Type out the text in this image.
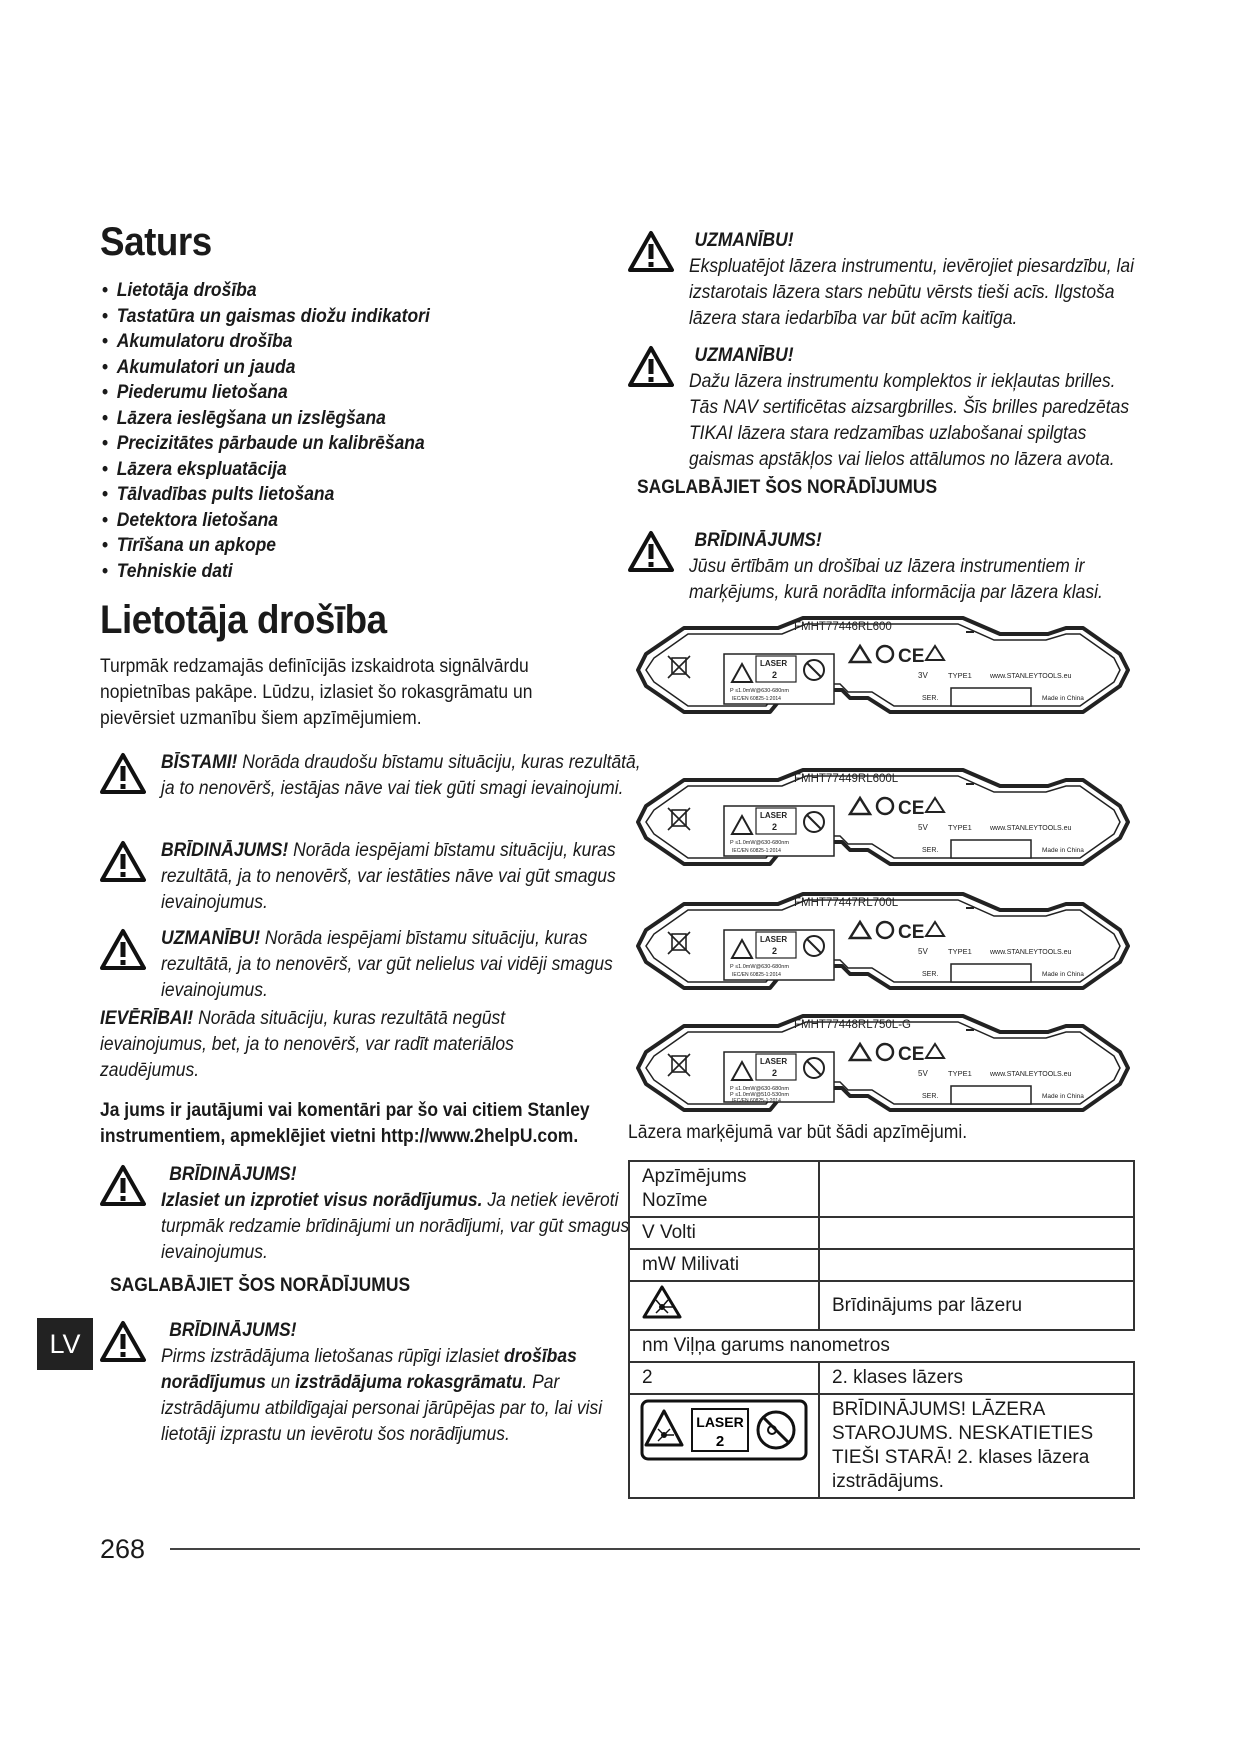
Saturs
• Lietotāja drošība
• Tastatūra un gaismas diožu indikatori
• Akumulatoru drošība
• Akumulatori un jauda
• Piederumu lietošana
• Lāzera ieslēgšana un izslēgšana
• Precizitātes pārbaude un kalibrēšana
• Lāzera ekspluatācija
• Tālvadības pults lietošana
• Detektora lietošana
• Tīrīšana un apkope
• Tehniskie dati
Lietotāja drošība
Turpmāk redzamajās definīcijās izskaidrota signālvārdu nopietnības pakāpe. Lūdzu, izlasiet šo rokasgrāmatu un pievērsiet uzmanību šiem apzīmējumiem.
BĪSTAMI! Norāda draudošu bīstamu situāciju, kuras rezultātā, ja to nenovērš, iestājas nāve vai tiek gūti smagi ievainojumi.
BRĪDINĀJUMS! Norāda iespējami bīstamu situāciju, kuras rezultātā, ja to nenovērš, var iestāties nāve vai gūt smagus ievainojumus.
UZMANĪBU! Norāda iespējami bīstamu situāciju, kuras rezultātā, ja to nenovērš, var gūt nelielus vai vidēji smagus ievainojumus.
IEVĒRĪBAI! Norāda situāciju, kuras rezultātā negūst ievainojumus, bet, ja to nenovērš, var radīt materiālos zaudējumus.
Ja jums ir jautājumi vai komentāri par šo vai citiem Stanley instrumentiem, apmeklējiet vietni http://www.2helpU.com.
BRĪDINĀJUMS!
Izlasiet un izprotiet visus norādījumus. Ja netiek ievēroti turpmāk redzamie brīdinājumi un norādījumi, var gūt smagus ievainojumus.
SAGLABĀJIET ŠOS NORĀDĪJUMUS
LV	BRĪDINĀJUMS!
Pirms izstrādājuma lietošanas rūpīgi izlasiet drošības norādījumus un izstrādājuma rokasgrāmatu. Par izstrādājumu atbildīgajai personai jārūpējas par to, lai visi lietotāji izprastu un ievērotu šos norādījumus.
UZMANĪBU!
Ekspluatējot lāzera instrumentu, ievērojiet piesardzību, lai izstarotais lāzera stars nebūtu vērsts tieši acīs. Ilgstoša lāzera stara iedarbība var būt acīm kaitīga.
UZMANĪBU!
Dažu lāzera instrumentu komplektos ir iekļautas brilles. Tās NAV sertificētas aizsargbrilles. Šīs brilles paredzētas TIKAI lāzera stara redzamības uzlabošanai spilgtas gaismas apstākļos vai lielos attālumos no lāzera avota.
SAGLABĀJIET ŠOS NORĀDĪJUMUS
BRĪDINĀJUMS!
Jūsu ērtībām un drošībai uz lāzera instrumentiem ir marķējums, kurā norādīta informācija par lāzera klasi.
CE
FMHT77446RL600
LASER
2
P ≤1.0mW@630-680nm
IEC/EN 60825-1:2014
3V	TYPE1	www.STANLEYTOOLS.eu
SER.	Made in China
CE
FMHT77449RL600L
LASER
2
P ≤1.0mW@630-680nm
IEC/EN 60825-1:2014
5V	TYPE1	www.STANLEYTOOLS.eu
SER.	Made in China
CE
FMHT77447RL700L
LASER
2
P ≤1.0mW@630-680nm
IEC/EN 60825-1:2014
5V	TYPE1	www.STANLEYTOOLS.eu
SER.	Made in China
CE
FMHT77448RL750L-G
LASER
2
P ≤1.0mW@630-680nm
P ≤1.0mW@510-530nm
IEC/EN 60825-1:2014
5V	TYPE1	www.STANLEYTOOLS.eu
SER.	Made in China
Lāzera marķējumā var būt šādi apzīmējumi.
Apzīmējums Nozīme	
V Volti	
mW Milivati	
	Brīdinājums par lāzeru
nm Viļņa garums nanometros	
2	2. klases lāzers

LASER
2	BRĪDINĀJUMS! LĀZERA STAROJUMS. NESKATIETIES TIEŠI STARĀ! 2. klases lāzera izstrādājums.
268
